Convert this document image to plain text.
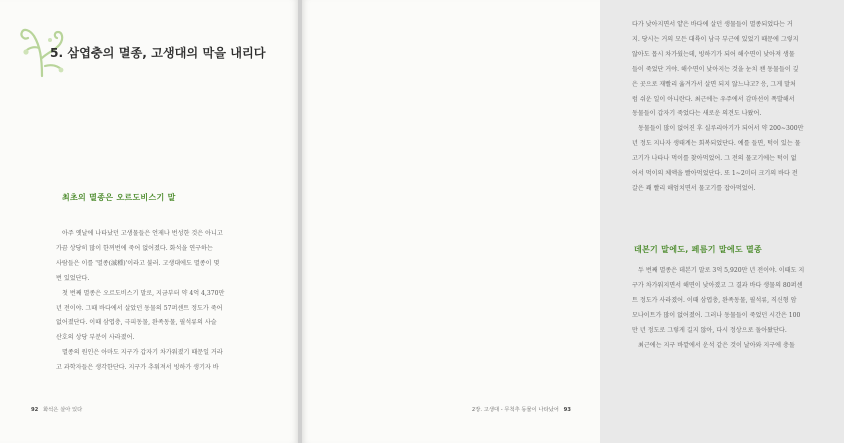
5. 삼엽충의 멸종, 고생대의 막을 내리다
최초의 멸종은 오르도비스기 말
아주 옛날에 나타났던 고생물들은 언제나 번성한 것은 아니고
가끔 상당히 많이 한꺼번에 죽어 없어졌다. 화석을 연구하는
사람들은 이를 '멸종(滅種)'이라고 불러. 고생대에도 멸종이 몇
번 있었단다.
첫 번째 멸종은 오르도비스기 말로, 지금부터 약 4억 4,370만
년 전이야. 그때 바다에서 살았던 동물의 57퍼센트 정도가 죽어
없어졌단다. 이때 삼엽충, 극피동물, 완족동물, 필석류의 사슬
산호의 상당 부분이 사라졌어.
멸종의 원인은 아마도 지구가 갑자기 차가워졌기 때문일 거라
고 과학자들은 생각한단다. 지구가 추워져서 빙하가 생기자 바
92 화석은 살아 있다
다가 낮아지면서 얕은 바다에 살던 생물들이 멸종되었다는 거
지. 당시는 거의 모든 대륙이 남극 부근에 있었기 때문에 그렇지
않아도 몹시 차가웠는데, 빙하기가 되어 해수면이 낮아져 생물
들이 죽었단 거야. 해수면이 낮아지는 것을 눈치 챈 동물들이 깊
은 곳으로 재빨리 옮겨가서 살면 되지 않느냐고? 응, 그게 말처
럼 쉬운 일이 아니란다. 최근에는 우주에서 감마선이 폭발해서
동물들이 갑자기 죽었다는 새로운 의견도 나왔어.
동물들이 많이 없어진 후 실루리아기가 되어서 약 200~300만
년 정도 지나자 생태계는 회복되었단다. 예를 들면, 턱이 있는 물
고기가 나타나 먹이를 찾아먹었어. 그 전의 물고기에는 턱이 없
어서 먹이의 체액을 빨아먹었단다. 또 1~2미터 크기의 바다 전
갈은 꽤 빨리 해엄치면서 물고기를 잡아먹었어.
데본기 말에도, 페름기 말에도 멸종
두 번째 멸종은 데본기 말로 3억 5,920만 년 전이야. 이때도 지
구가 차가워지면서 해면이 낮아졌고 그 결과 바다 생물의 80퍼센
트 정도가 사라졌어. 이때 삼엽충, 완족동물, 필석류, 직신형 암
모나이트가 많이 없어졌어. 그러나 동물들이 죽었던 시간은 100
만 년 정도로 그렇게 길지 않아, 다시 정상으로 돌아왔단다.
최근에는 지구 바깥에서 운석 같은 것이 날아와 지구에 충돌
2장. 고생대 - 무척추 동물이 나타났어 93
